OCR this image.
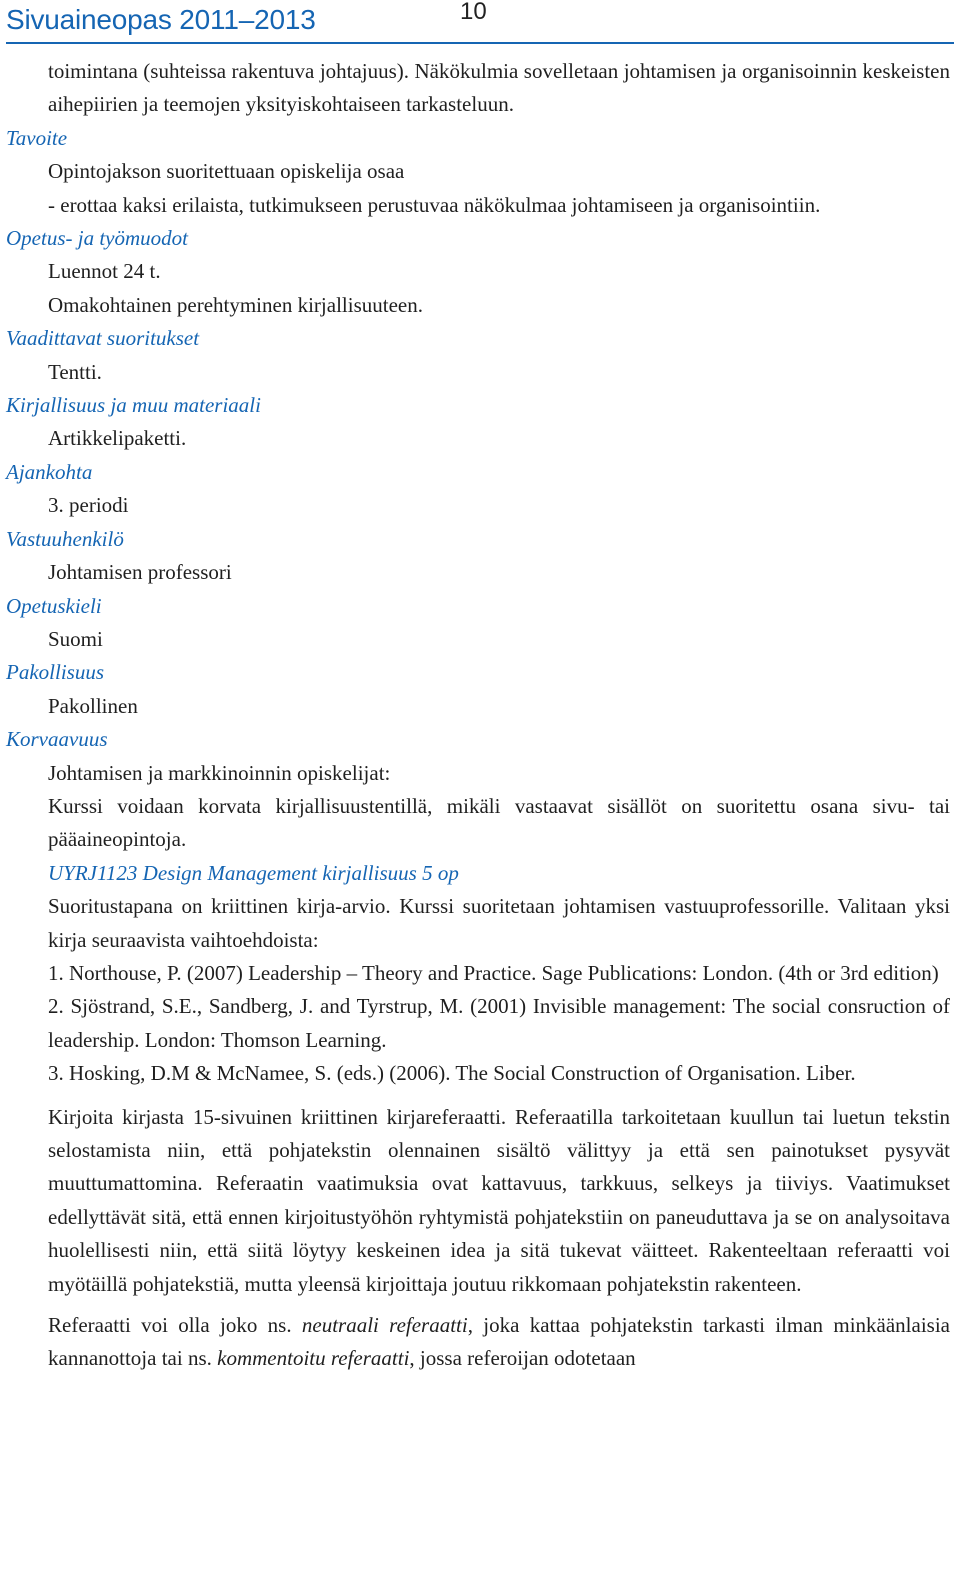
Sivuaineopas 2011–2013	10

toimintana (suhteissa rakentuva johtajuus). Näkökulmia sovelletaan johtamisen ja organisoinnin keskeisten aihepiirien ja teemojen yksityiskohtaiseen tarkasteluun.

Tavoite

Opintojakson suoritettuaan opiskelija osaa

- erottaa kaksi erilaista, tutkimukseen perustuvaa näkökulmaa johtamiseen ja organisointiin.

Opetus- ja työmuodot

Luennot 24 t.

Omakohtainen perehtyminen kirjallisuuteen.

Vaadittavat suoritukset

Tentti.

Kirjallisuus ja muu materiaali

Artikkelipaketti.

Ajankohta

3. periodi

Vastuuhenkilö

Johtamisen professori

Opetuskieli

Suomi

Pakollisuus

Pakollinen

Korvaavuus

Johtamisen ja markkinoinnin opiskelijat:

Kurssi voidaan korvata kirjallisuustentillä, mikäli vastaavat sisällöt on suoritettu osana sivu- tai pääaineopintoja.

UYRJ1123 Design Management kirjallisuus 5 op

Suoritustapana on kriittinen kirja-arvio. Kurssi suoritetaan johtamisen vastuuprofessorille. Valitaan yksi kirja seuraavista vaihtoehdoista:

1. Northouse, P. (2007) Leadership – Theory and Practice. Sage Publications: London. (4th or 3rd edition)

2. Sjöstrand, S.E., Sandberg, J. and Tyrstrup, M. (2001) Invisible management: The social consruction of leadership. London: Thomson Learning.

3. Hosking, D.M & McNamee, S. (eds.) (2006). The Social Construction of Organisation. Liber.

Kirjoita kirjasta 15-sivuinen kriittinen kirjareferaatti. Referaatilla tarkoitetaan kuullun tai luetun tekstin selostamista niin, että pohjatekstin olennainen sisältö välittyy ja että sen painotukset pysyvät muuttumattomina. Referaatin vaatimuksia ovat kattavuus, tarkkuus, selkeys ja tiiviys. Vaatimukset edellyttävät sitä, että ennen kirjoitustyöhön ryhtymistä pohjatekstiin on paneuduttava ja se on analysoitava huolellisesti niin, että siitä löytyy keskeinen idea ja sitä tukevat väitteet. Rakenteeltaan referaatti voi myötäillä pohjatekstiä, mutta yleensä kirjoittaja joutuu rikkomaan pohjatekstin rakenteen.

Referaatti voi olla joko ns. neutraali referaatti, joka kattaa pohjatekstin tarkasti ilman minkäänlaisia kannanottoja tai ns. kommentoitu referaatti, jossa referoijan odotetaan
